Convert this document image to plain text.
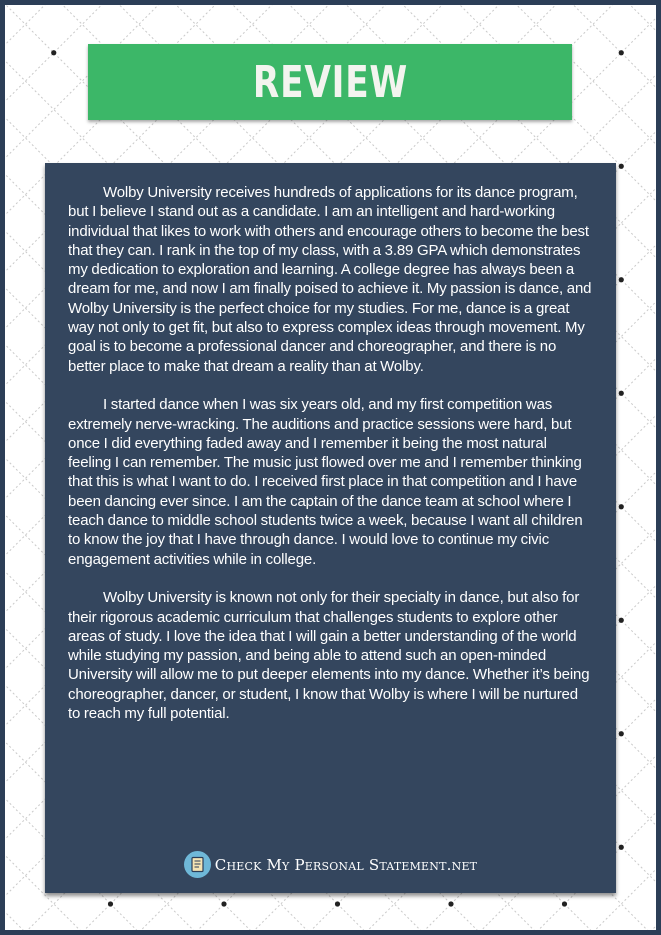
REVIEW

Wolby University receives hundreds of applications for its dance program, but I believe I stand out as a candidate. I am an intelligent and hard-working individual that likes to work with others and encourage others to become the best that they can. I rank in the top of my class, with a 3.89 GPA which demonstrates my dedication to exploration and learning. A college degree has always been a dream for me, and now I am finally poised to achieve it. My passion is dance, and Wolby University is the perfect choice for my studies. For me, dance is a great way not only to get fit, but also to express complex ideas through movement. My goal is to become a professional dancer and choreographer, and there is no better place to make that dream a reality than at Wolby.

I started dance when I was six years old, and my first competition was extremely nerve-wracking. The auditions and practice sessions were hard, but once I did everything faded away and I remember it being the most natural feeling I can remember. The music just flowed over me and I remember thinking that this is what I want to do. I received first place in that competition and I have been dancing ever since. I am the captain of the dance team at school where I teach dance to middle school students twice a week, because I want all children to know the joy that I have through dance. I would love to continue my civic engagement activities while in college.

Wolby University is known not only for their specialty in dance, but also for their rigorous academic curriculum that challenges students to explore other areas of study. I love the idea that I will gain a better understanding of the world while studying my passion, and being able to attend such an open-minded University will allow me to put deeper elements into my dance. Whether it’s being choreographer, dancer, or student, I know that Wolby is where I will be nurtured to reach my full potential.

Check My Personal Statement.net
